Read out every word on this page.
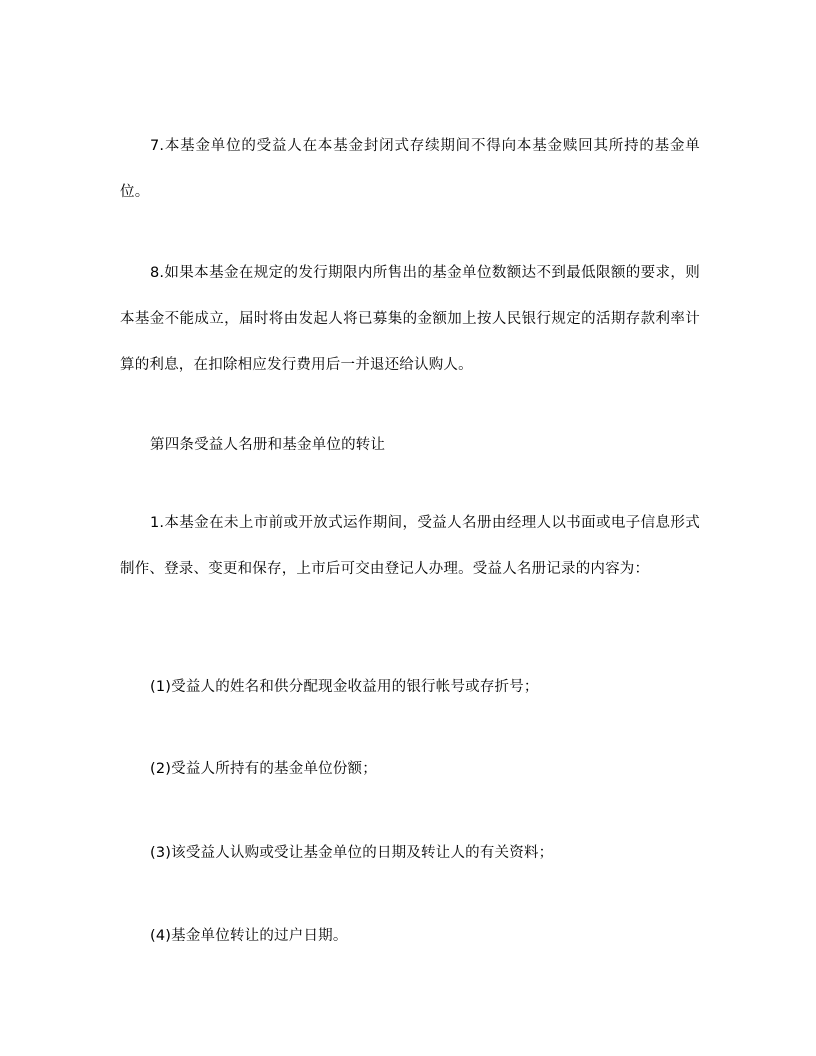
7.本基金单位的受益人在本基金封闭式存续期间不得向本基金赎回其所持的基金单位。

8.如果本基金在规定的发行期限内所售出的基金单位数额达不到最低限额的要求，则本基金不能成立，届时将由发起人将已募集的金额加上按人民银行规定的活期存款利率计算的利息，在扣除相应发行费用后一并退还给认购人。

第四条受益人名册和基金单位的转让

1.本基金在未上市前或开放式运作期间，受益人名册由经理人以书面或电子信息形式制作、登录、变更和保存，上市后可交由登记人办理。受益人名册记录的内容为：

(1)受益人的姓名和供分配现金收益用的银行帐号或存折号；

(2)受益人所持有的基金单位份额；

(3)该受益人认购或受让基金单位的日期及转让人的有关资料；

(4)基金单位转让的过户日期。
